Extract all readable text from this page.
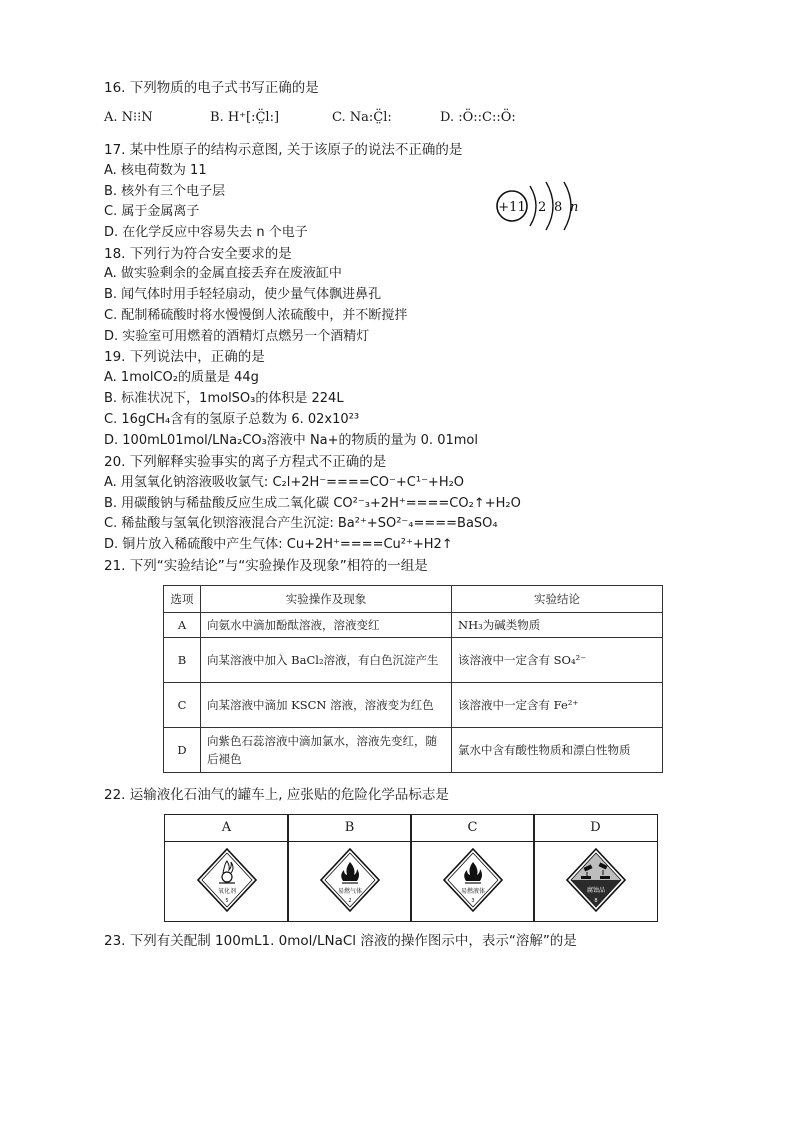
16. 下列物质的电子式书写正确的是
A. N⁝⁝N	B. H⁺[:C̤̈l:]	C. Na:C̤̈l:	D. :Ö::C::Ö:
17. 某中性原子的结构示意图, 关于该原子的说法不正确的是
A. 核电荷数为 11
B. 核外有三个电子层
C. 属于金属离子
D. 在化学反应中容易失去 n 个电子
+11 2 8 n
18. 下列行为符合安全要求的是
A. 做实验剩余的金属直接丢弃在废液缸中
B. 闻气体时用手轻轻扇动，使少量气体飘进鼻孔
C. 配制稀硫酸时将水慢慢倒人浓硫酸中，并不断搅拌
D. 实验室可用燃着的酒精灯点燃另一个酒精灯
19. 下列说法中，正确的是
A. 1molCO₂的质量是 44g
B. 标准状况下，1molSO₃的体积是 224L
C. 16gCH₄含有的氢原子总数为 6. 02x10²³
D. 100mL01mol/LNa₂CO₃溶液中 Na+的物质的量为 0. 01mol
20. 下列解释实验事实的离子方程式不正确的是
A. 用氢氧化钠溶液吸收氯气: C₂l+2H⁻====CO⁻+C¹⁻+H₂O
B. 用碳酸钠与稀盐酸反应生成二氧化碳 CO²⁻₃+2H⁺====CO₂↑+H₂O
C. 稀盐酸与氢氧化钡溶液混合产生沉淀: Ba²⁺+SO²⁻₄====BaSO₄
D. 铜片放入稀硫酸中产生气体: Cu+2H⁺====Cu²⁺+H2↑
21. 下列“实验结论”与“实验操作及现象”相符的一组是
选项	实验操作及现象	实验结论
A	向氨水中滴加酚酞溶液，溶液变红	NH₃为碱类物质
B	向某溶液中加入 BaCl₂溶液，有白色沉淀产生	该溶液中一定含有 SO₄²⁻
C	向某溶液中滴加 KSCN 溶液，溶液变为红色	该溶液中一定含有 Fe²⁺
D	向紫色石蕊溶液中滴加氯水，溶液先变红，随后褪色	氯水中含有酸性物质和漂白性物质
22. 运输液化石油气的罐车上, 应张贴的危险化学品标志是
A	B	C	D
氧化剂
5
易燃气体
2
易燃液体
3
腐蚀品
8
23. 下列有关配制 100mL1. 0mol/LNaCl 溶液的操作图示中，表示“溶解”的是
